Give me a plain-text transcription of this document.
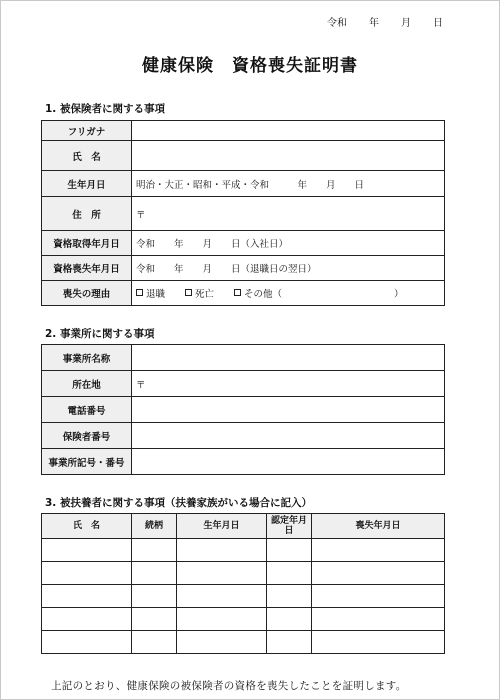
令和 年 月 日
健康保険　資格喪失証明書
1. 被保険者に関する事項
フリガナ	
氏　名	
生年月日	明治・大正・昭和・平成・令和　　　年　　月　　日
住　所	〒
資格取得年月日	令和　　年　　月　　日（入社日）
資格喪失年月日	令和　　年　　月　　日（退職日の翌日）
喪失の理由	退職 死亡 その他（ ）
2. 事業所に関する事項
事業所名称	
所在地	〒
電話番号	
保険者番号	
事業所記号・番号	
3. 被扶養者に関する事項（扶養家族がいる場合に記入）
氏　名	続柄	生年月日	認定年月日	喪失年月日

上記のとおり、健康保険の被保険者の資格を喪失したことを証明します。
